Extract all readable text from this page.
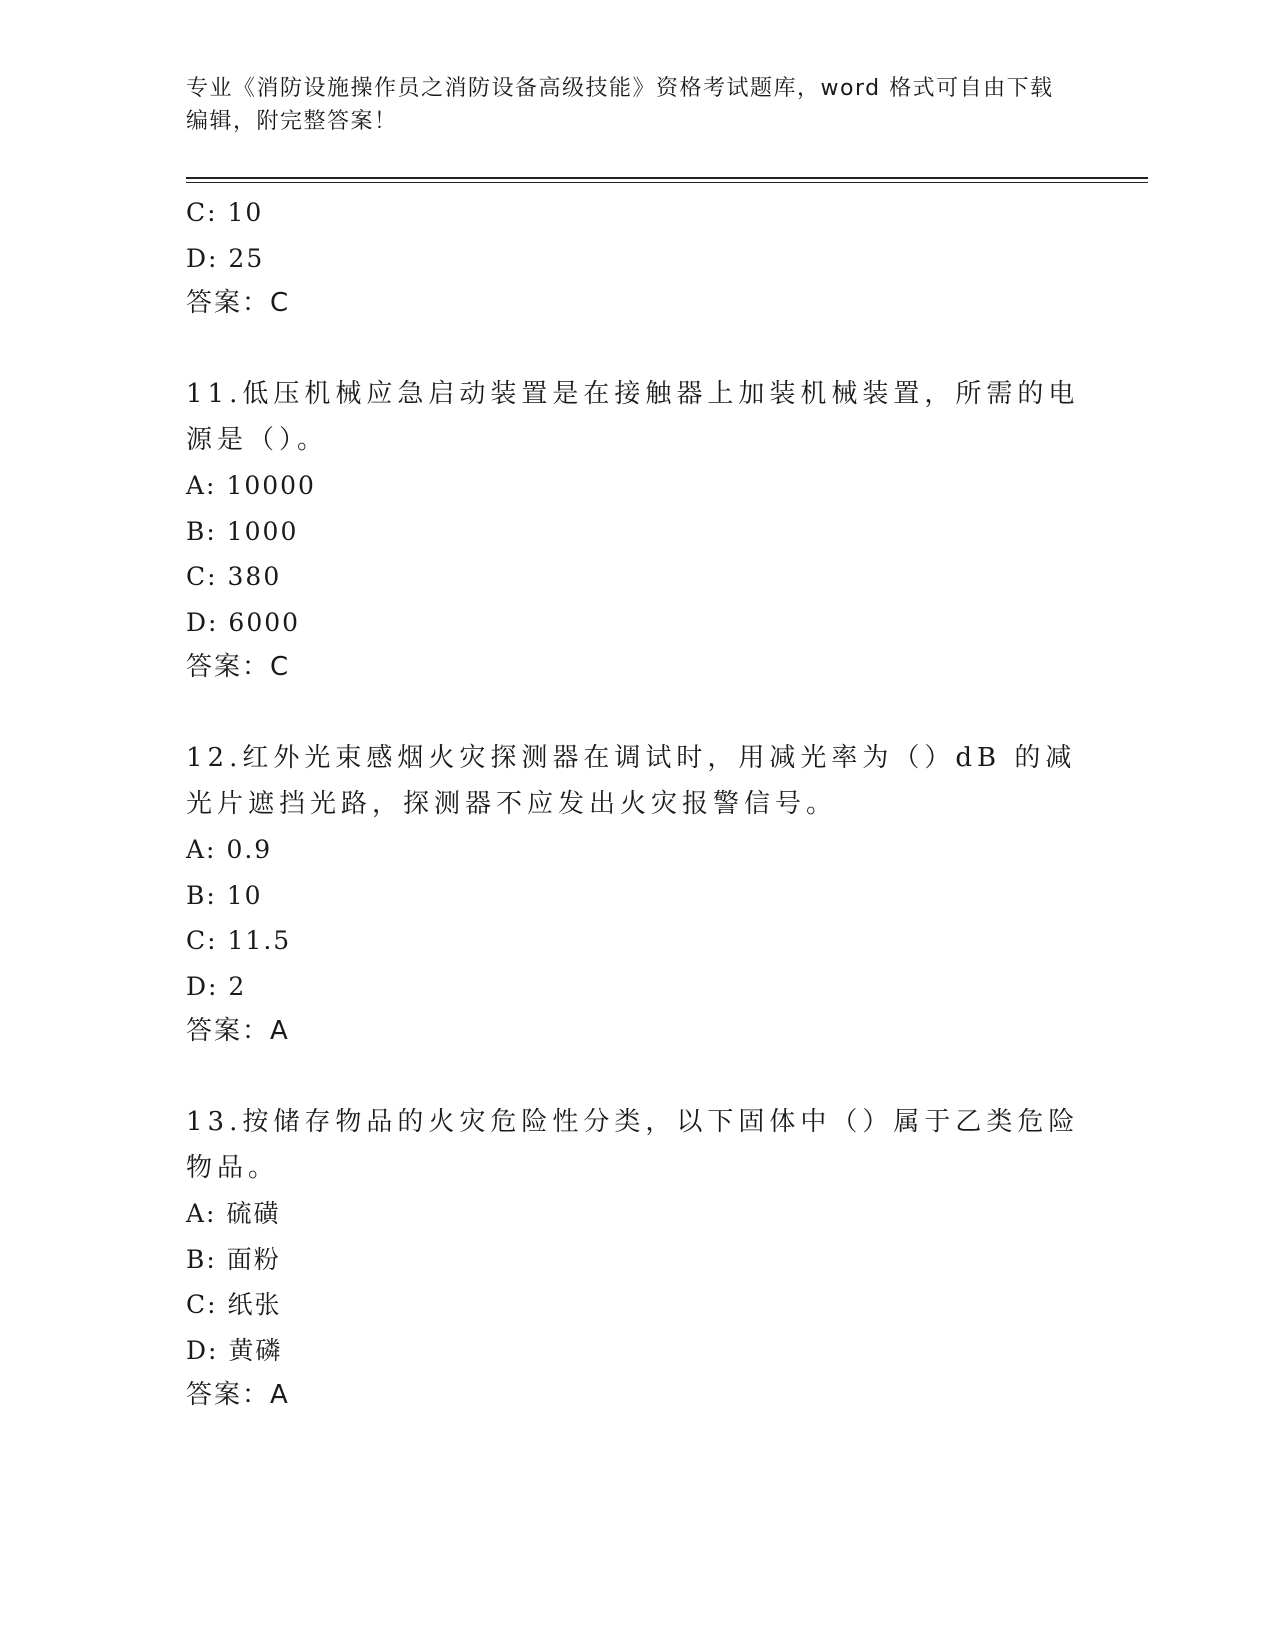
专业《消防设施操作员之消防设备高级技能》资格考试题库，word 格式可自由下载编辑，附完整答案！
C: 10
D: 25
答案：C
11.低压机械应急启动装置是在接触器上加装机械装置，所需的电源是（）。
A: 10000
B: 1000
C: 380
D: 6000
答案：C
12.红外光束感烟火灾探测器在调试时，用减光率为（）dB 的减光片遮挡光路，探测器不应发出火灾报警信号。
A: 0.9
B: 10
C: 11.5
D: 2
答案：A
13.按储存物品的火灾危险性分类，以下固体中（）属于乙类危险物品。
A: 硫磺
B: 面粉
C: 纸张
D: 黄磷
答案：A
